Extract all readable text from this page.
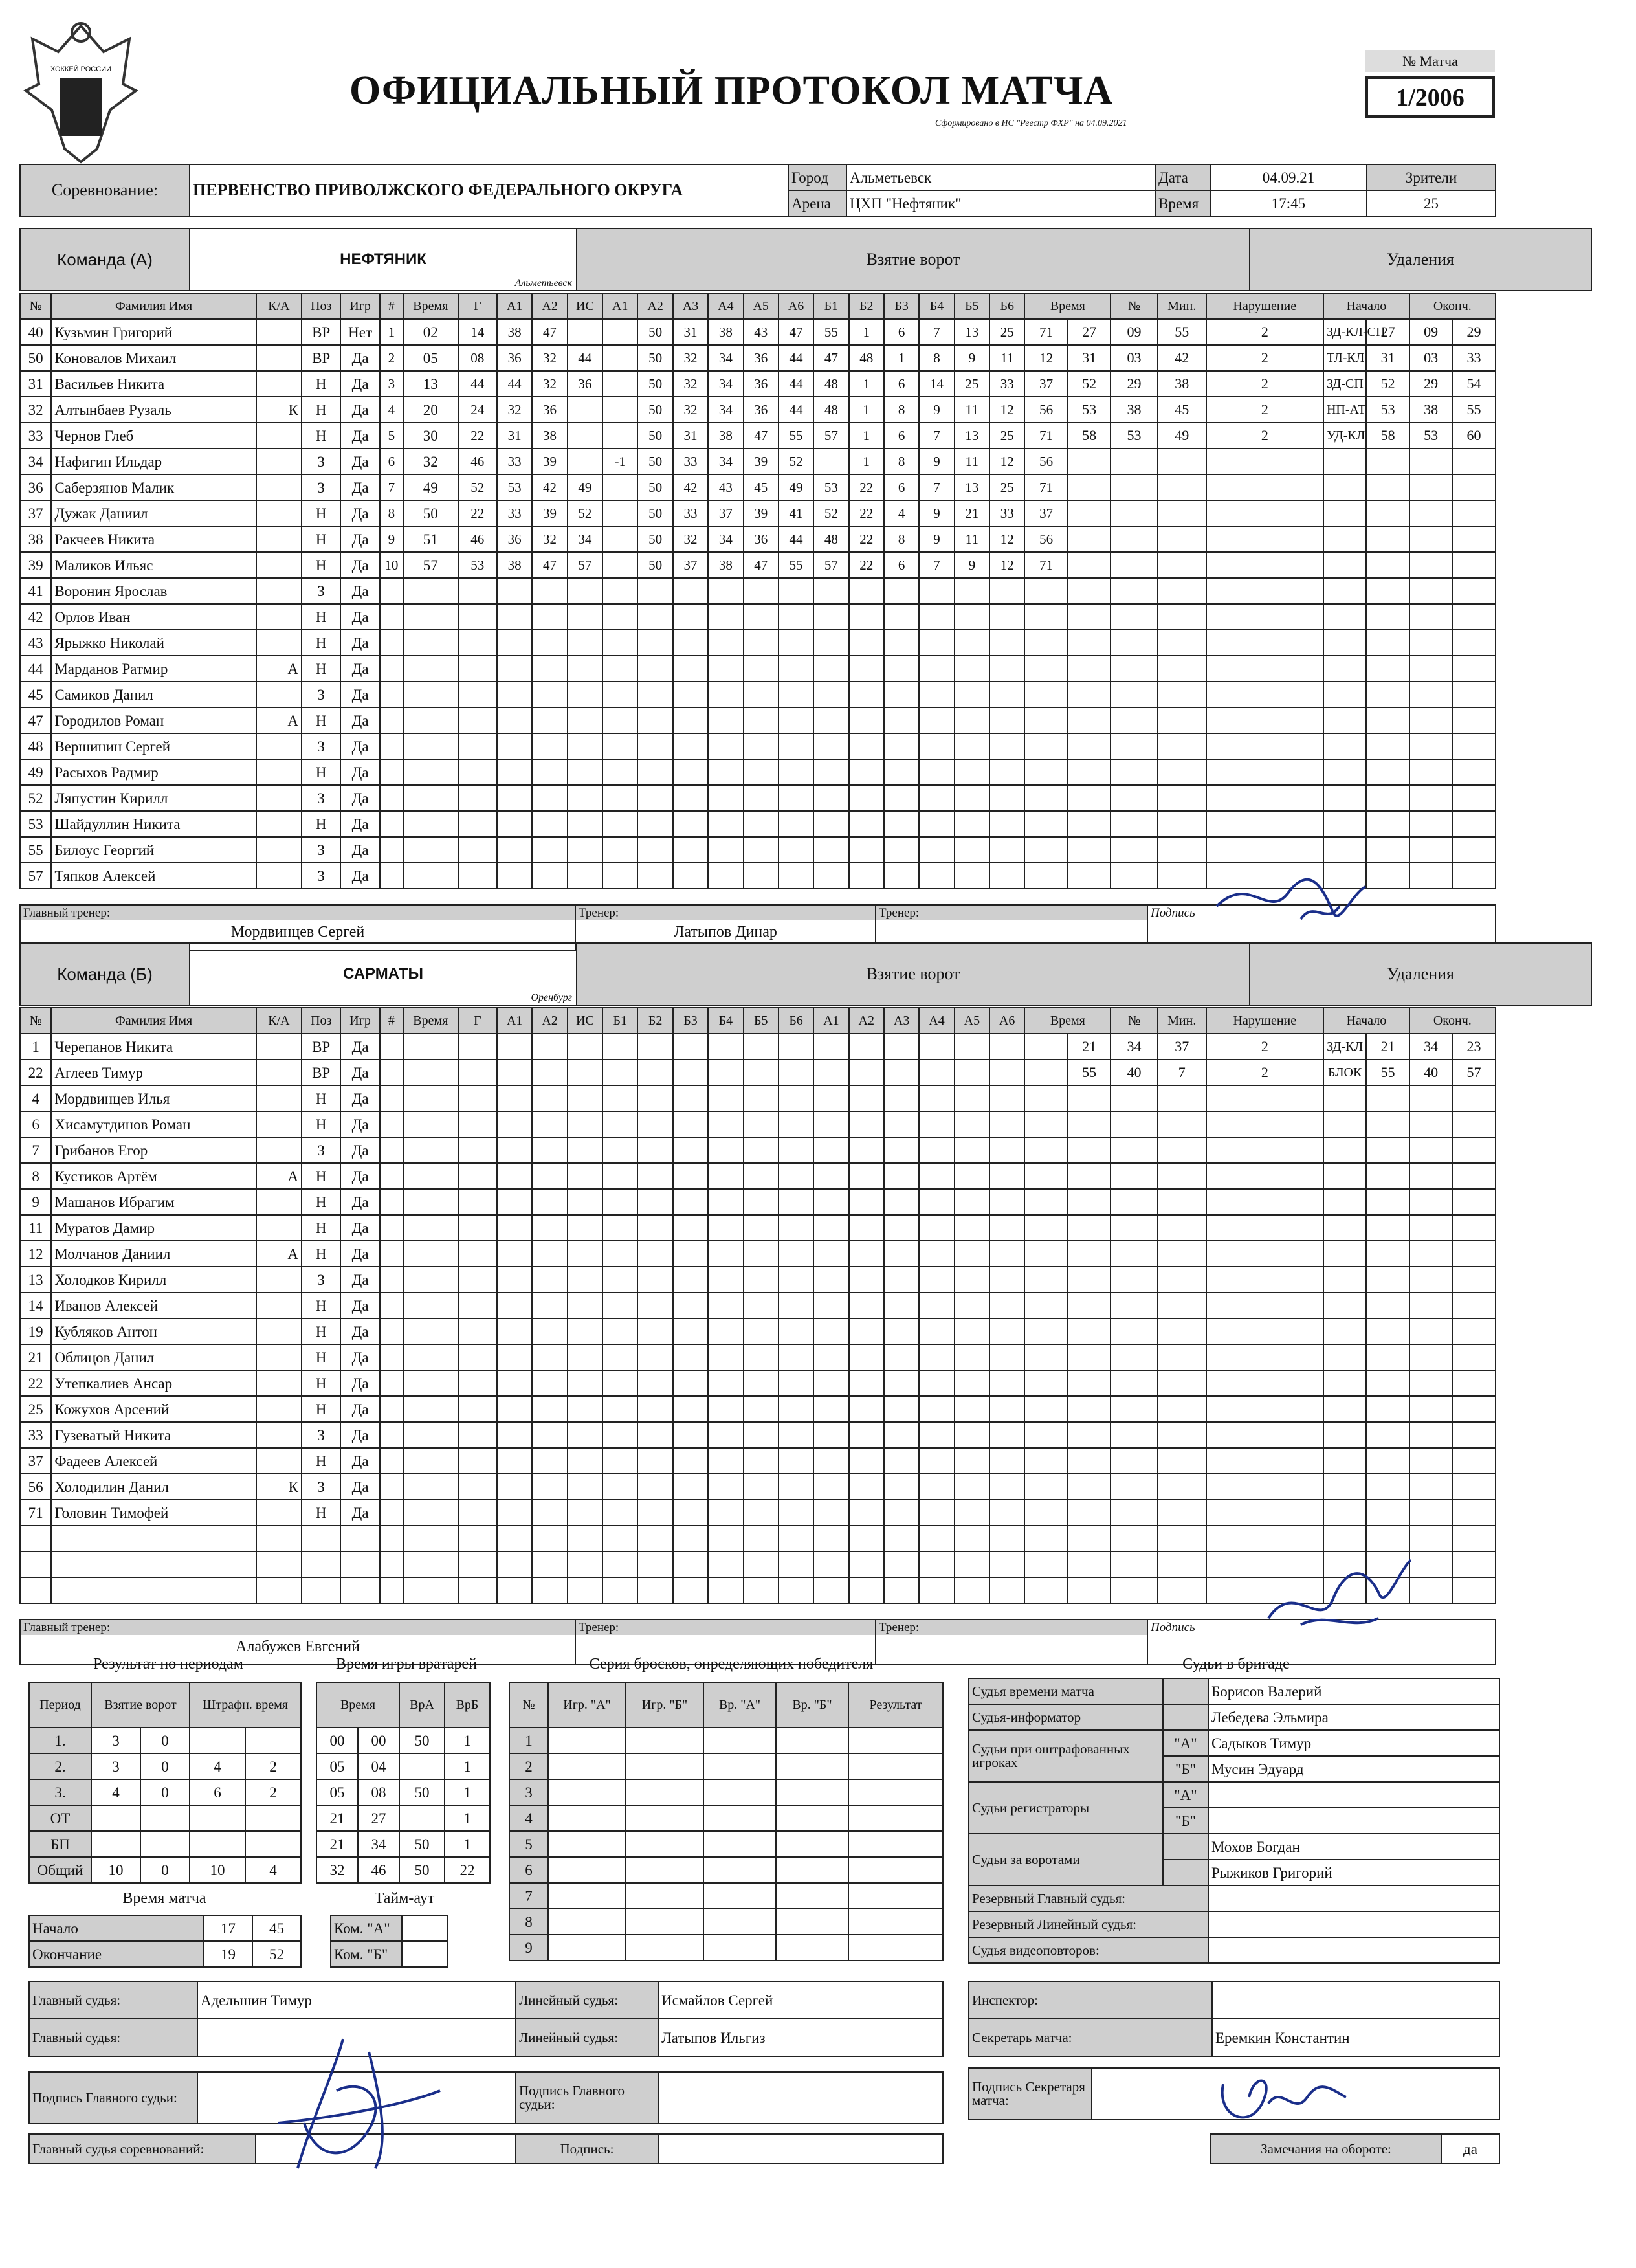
ХОККЕЙ РОССИИ	ОФИЦИАЛЬНЫЙ ПРОТОКОЛ МАТЧА
Сформировано в ИС "Реестр ФХР" на 04.09.2021
№ Матча
1/2006
Соревнование:	ПЕРВЕНСТВО ПРИВОЛЖСКОГО ФЕДЕРАЛЬНОГО ОКРУГА	Город	Альметьевск	Дата	04.09.21	Зрители
		Арена	ЦХП "Нефтяник"	Время	17:45	25
Команда (А)	НЕФТЯНИК
Альметьевск
	Взятие ворот	Удаления
№	Фамилия Имя	К/А	Поз	Игр	#	Время	Г	А1	А2	ИС	А1	А2	А3	А4	А5	А6	Б1	Б2	Б3	Б4	Б5	Б6	Время		№	Мин.	Нарушение	Начало		Оконч.		
40	Кузьмин Григорий		ВР	Нет	1	02	14	38	47			50	31	38	43	47	55	1	6	7	13	25	71	27	09	55	2	ЗД-КЛ-СП	27	09	29	
50	Коновалов Михаил		ВР	Да	2	05	08	36	32	44		50	32	34	36	44	47	48	1	8	9	11	12	31	03	42	2	ТЛ-КЛ	31	03	33	
31	Васильев Никита		Н	Да	3	13	44	44	32	36		50	32	34	36	44	48	1	6	14	25	33	37	52	29	38	2	ЗД-СП	52	29	54	
32	Алтынбаев Рузаль	К	Н	Да	4	20	24	32	36			50	32	34	36	44	48	1	8	9	11	12	56	53	38	45	2	НП-АТ	53	38	55	
33	Чернов Глеб		Н	Да	5	30	22	31	38			50	31	38	47	55	57	1	6	7	13	25	71	58	53	49	2	УД-КЛ	58	53	60	
34	Нафигин Ильдар		З	Да	6	32	46	33	39		-1	50	33	34	39	52		1	8	9	11	12	56									
36	Саберзянов Малик		З	Да	7	49	52	53	42	49		50	42	43	45	49	53	22	6	7	13	25	71									
37	Дужак Даниил		Н	Да	8	50	22	33	39	52		50	33	37	39	41	52	22	4	9	21	33	37									
38	Ракчеев Никита		Н	Да	9	51	46	36	32	34		50	32	34	36	44	48	22	8	9	11	12	56									
39	Маликов Ильяс		Н	Да	10	57	53	38	47	57		50	37	38	47	55	57	22	6	7	9	12	71									
41	Воронин Ярослав		З	Да																												
42	Орлов Иван		Н	Да																												
43	Ярыжко Николай		Н	Да																												
44	Марданов Ратмир	А	Н	Да																												
45	Самиков Данил		З	Да																												
47	Городилов Роман	А	Н	Да																												
48	Вершинин Сергей		З	Да																												
49	Расыхов Радмир		Н	Да																												
52	Ляпустин Кирилл		З	Да																												
53	Шайдуллин Никита		Н	Да																												
55	Билоус Георгий		З	Да																												
57	Тяпков Алексей		З	Да																												
Главный тренер:
Мордвинцев Сергей

Тренер:
Латыпов Динар

Тренер:	Подпись
Команда (Б)	САРМАТЫ
Оренбург
	Взятие ворот	Удаления
№	Фамилия Имя	К/А	Поз	Игр	#	Время	Г	А1	А2	ИС	Б1	Б2	Б3	Б4	Б5	Б6	А1	А2	А3	А4	А5	А6	Время		№	Мин.	Нарушение	Начало		Оконч.		
1	Черепанов Никита		ВР	Да																				21	34	37	2	ЗД-КЛ	21	34	23	
22	Аглеев Тимур		ВР	Да																				55	40	7	2	БЛОК	55	40	57	
4	Мордвинцев Илья		Н	Да																												
6	Хисамутдинов Роман		Н	Да																												
7	Грибанов Егор		З	Да																												
8	Кустиков Артём	А	Н	Да																												
9	Машанов Ибрагим		Н	Да																												
11	Муратов Дамир		Н	Да																												
12	Молчанов Даниил	А	Н	Да																												
13	Холодков Кирилл		З	Да																												
14	Иванов Алексей		Н	Да																												
19	Кубляков Антон		Н	Да																												
21	Облицов Данил		Н	Да																												
22	Утепкалиев Ансар		Н	Да																												
25	Кожухов Арсений		Н	Да																												
33	Гузеватый Никита		З	Да																												
37	Фадеев Алексей		Н	Да																												
56	Холодилин Данил	К	З	Да																												
71	Головин Тимофей		Н	Да																												

Главный тренер:
Алабужев Евгений

Тренер:	Тренер:	Подпись
Результат по периодам
Период	Взятие ворот		Штрафн. время	
1.	3	0		
2.	3	0	4	2
3.	4	0	6	2
ОТ				
БП				
Общий	10	0	10	4
Время игры вратарей
Время		ВрА	ВрБ
00	00	50	1
05	04		1
05	08	50	1
21	27		1
21	34	50	1
32	46	50	22
Серия бросков, определяющих победителя
№	Игр. "А"	Игр. "Б"	Вр. "А"	Вр. "Б"	Результат
1					
2					
3					
4					
5					
6					
7					
8					
9					
Время матча
Начало	17	45
Окончание	19	52
Тайм-аут
Ком. "А"	
Ком. "Б"	
Судьи в бригаде
Судья времени матча		Борисов Валерий
Судья-информатор		Лебедева Эльмира
Судьи при оштрафованных игроках	"А"	Садыков Тимур
	"Б"	Мусин Эдуард
Судьи регистраторы	"А"	
	"Б"	
Судьи за воротами		Мохов Богдан
		Рыжиков Григорий
Резервный Главный судья:		
Резервный Линейный судья:		
Судья видеоповторов:		
Главный судья:	Адельшин Тимур	Линейный судья:	Исмайлов Сергей
Главный судья:		Линейный судья:	Латыпов Ильгиз
Подпись Главного судьи:		Подпись Главного судьи:	
Главный судья соревнований:		Подпись:	
Инспектор:	
Секретарь матча:	Еремкин Константин
Подпись Секретаря матча:	
Замечания на обороте:	да
